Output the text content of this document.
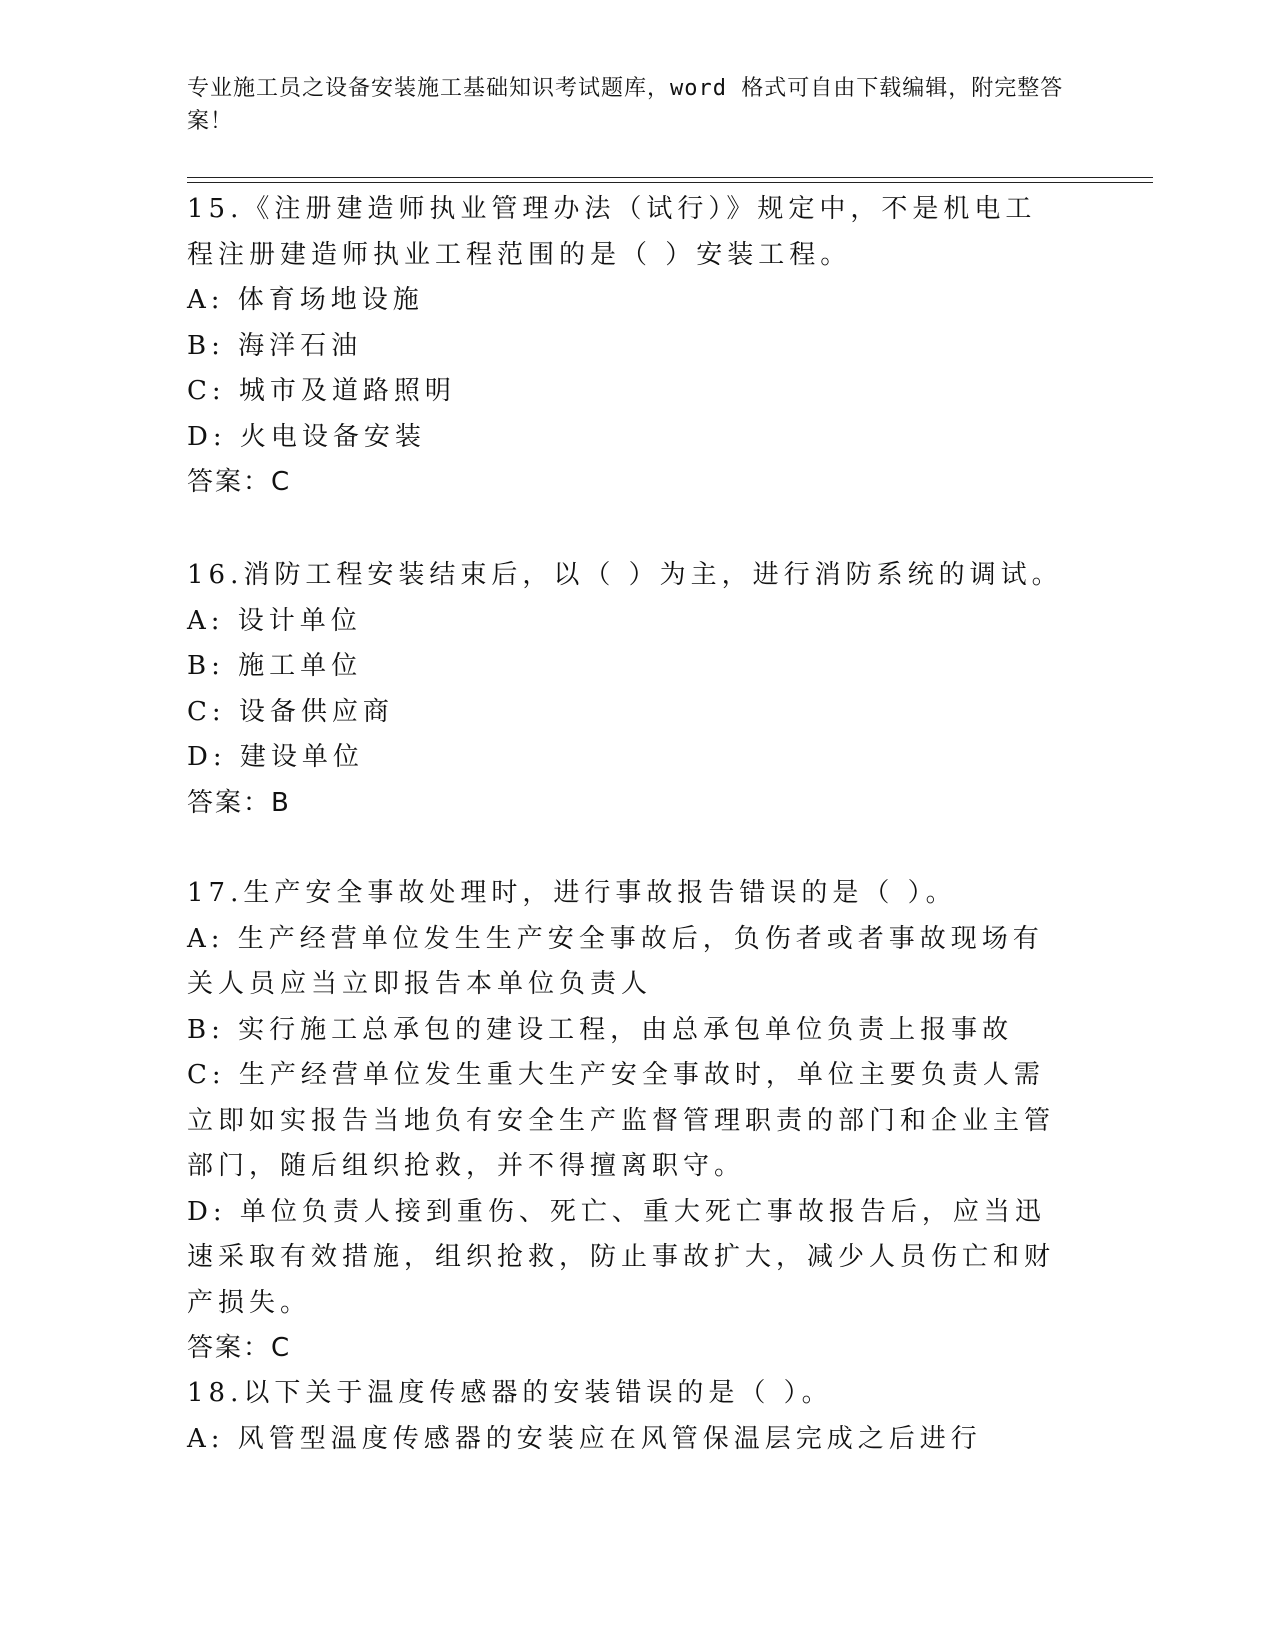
专业施工员之设备安装施工基础知识考试题库，word 格式可自由下载编辑，附完整答案！

15.《注册建造师执业管理办法（试行）》规定中，不是机电工程注册建造师执业工程范围的是（ ）安装工程。

A: 体育场地设施

B: 海洋石油

C: 城市及道路照明

D: 火电设备安装

答案：C

16.消防工程安装结束后，以（ ）为主，进行消防系统的调试。

A: 设计单位

B: 施工单位

C: 设备供应商

D: 建设单位

答案：B

17.生产安全事故处理时，进行事故报告错误的是（ ）。

A: 生产经营单位发生生产安全事故后，负伤者或者事故现场有关人员应当立即报告本单位负责人

B: 实行施工总承包的建设工程，由总承包单位负责上报事故

C: 生产经营单位发生重大生产安全事故时，单位主要负责人需立即如实报告当地负有安全生产监督管理职责的部门和企业主管部门，随后组织抢救，并不得擅离职守。

D: 单位负责人接到重伤、死亡、重大死亡事故报告后，应当迅速采取有效措施，组织抢救，防止事故扩大，减少人员伤亡和财产损失。

答案：C

18.以下关于温度传感器的安装错误的是（ ）。

A: 风管型温度传感器的安装应在风管保温层完成之后进行
